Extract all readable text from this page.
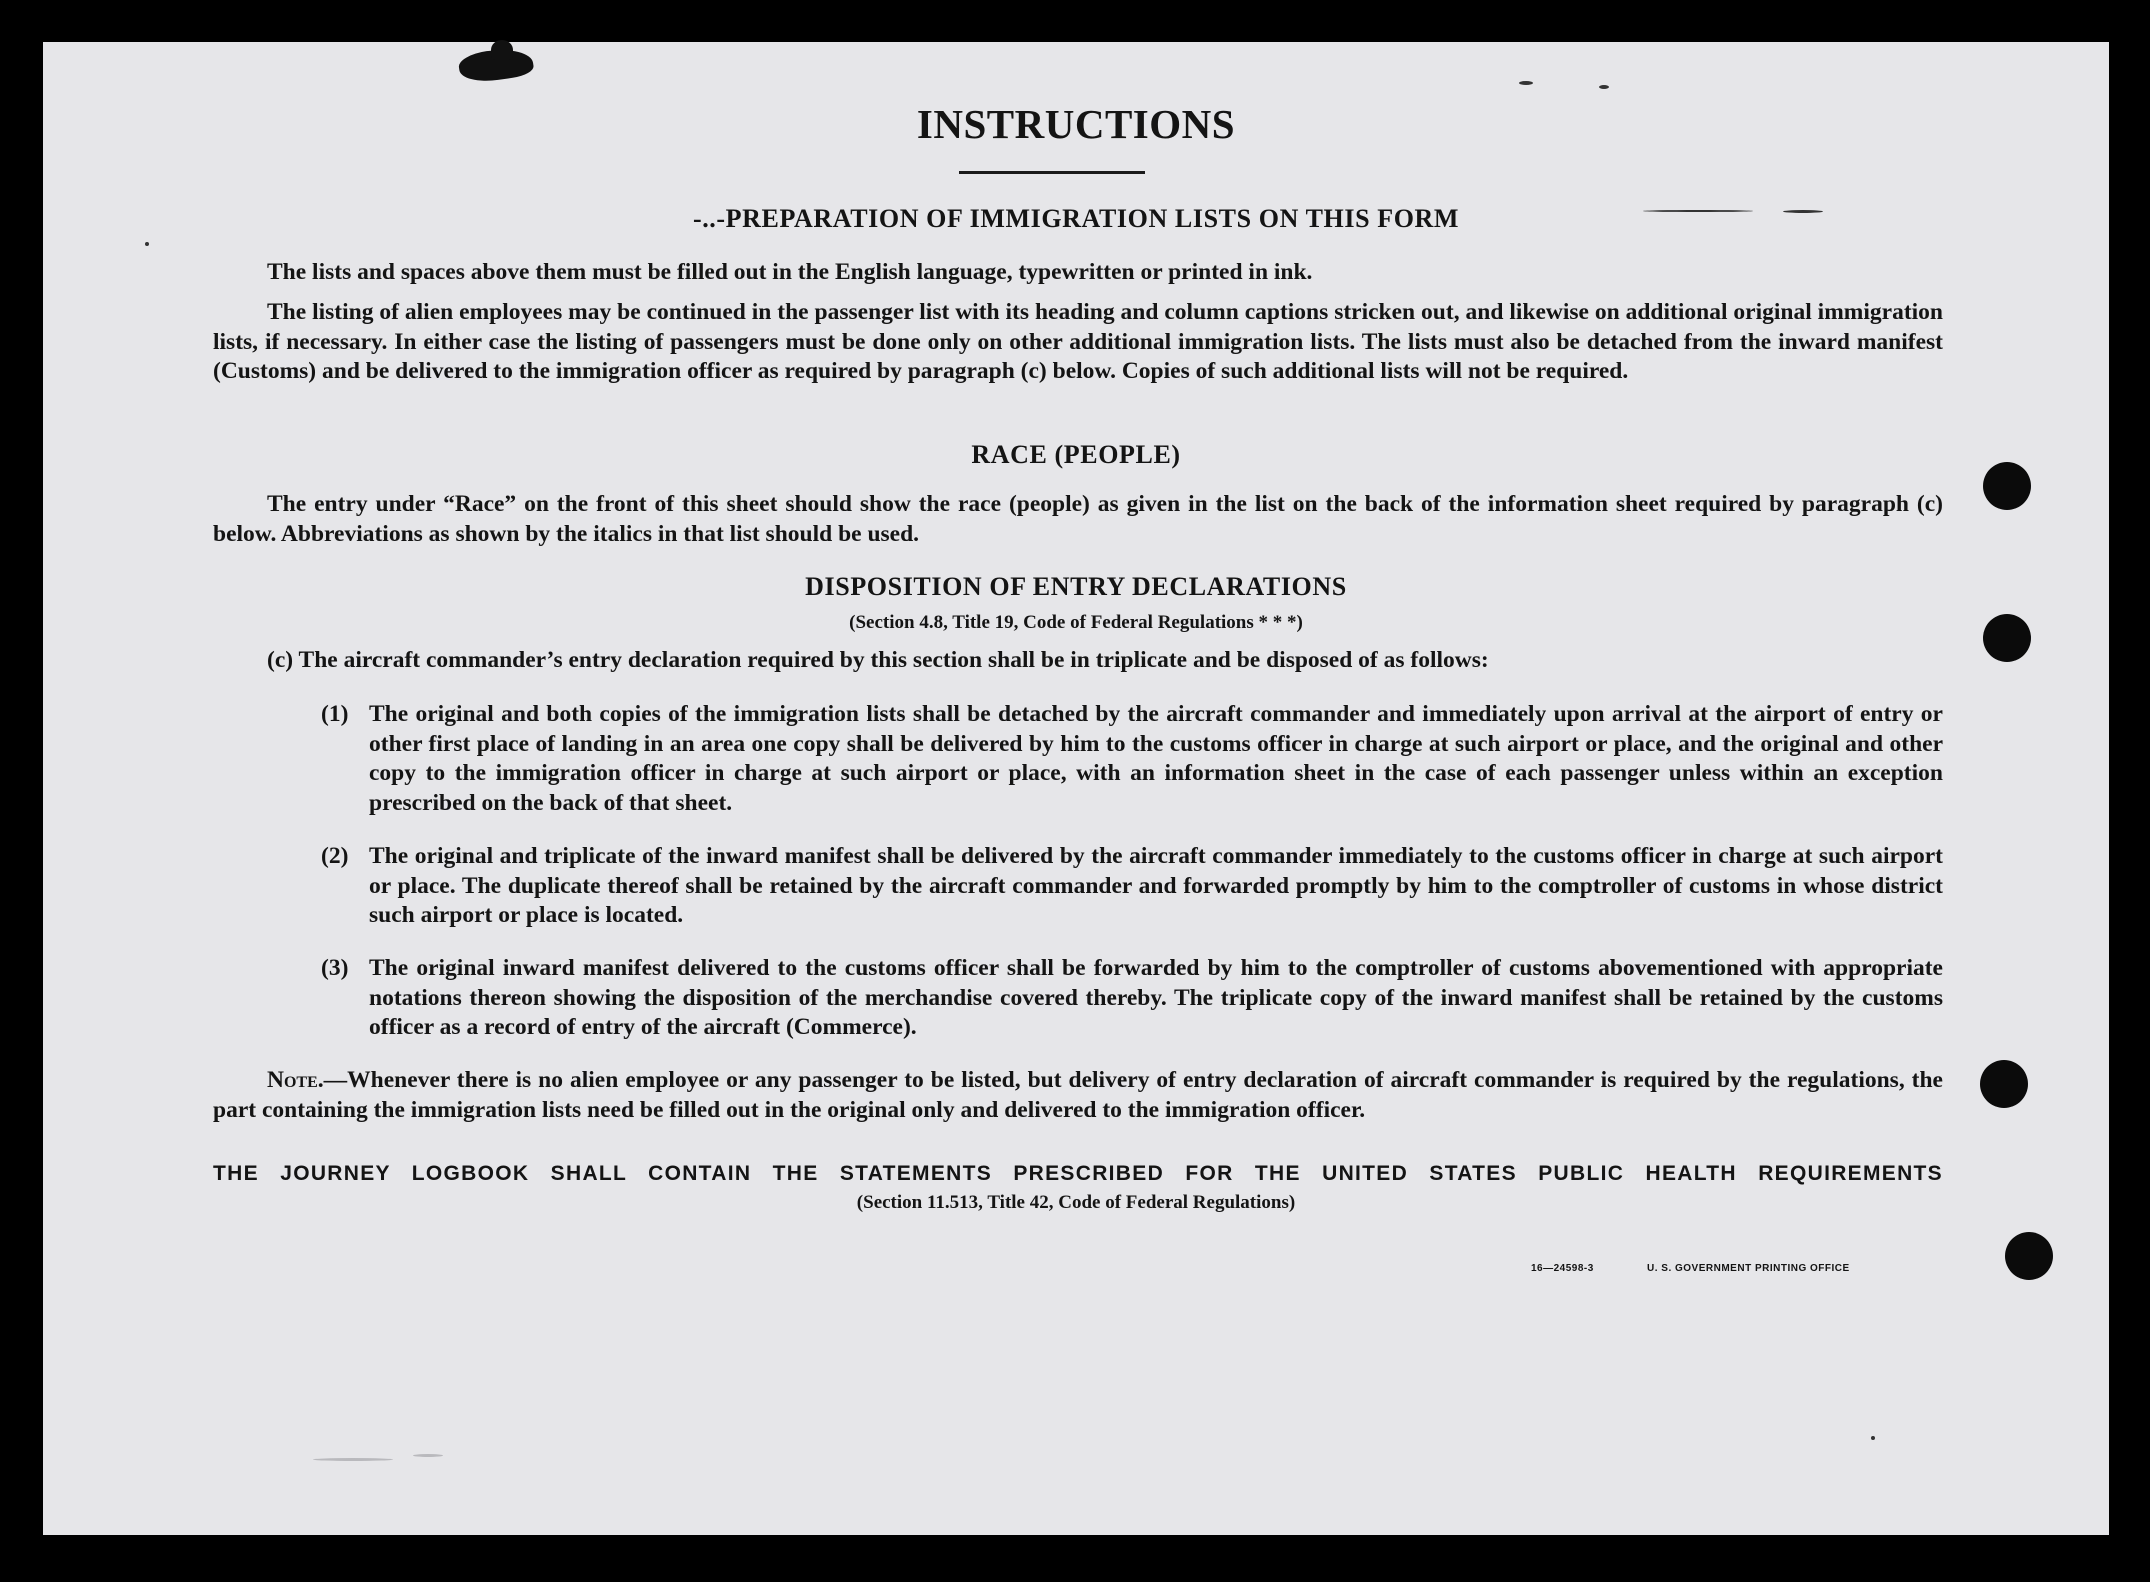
INSTRUCTIONS
-..-PREPARATION OF IMMIGRATION LISTS ON THIS FORM
The lists and spaces above them must be filled out in the English language, typewritten or printed in ink.
The listing of alien employees may be continued in the passenger list with its heading and column captions stricken out, and likewise on additional original immigration lists, if necessary. In either case the listing of passengers must be done only on other additional immigration lists. The lists must also be detached from the inward manifest (Customs) and be delivered to the immigration officer as required by paragraph (c) below. Copies of such additional lists will not be required.
RACE (PEOPLE)
The entry under “Race” on the front of this sheet should show the race (people) as given in the list on the back of the information sheet required by paragraph (c) below. Abbreviations as shown by the italics in that list should be used.
DISPOSITION OF ENTRY DECLARATIONS
(Section 4.8, Title 19, Code of Federal Regulations * * *)
(c) The aircraft commander’s entry declaration required by this section shall be in triplicate and be disposed of as follows:
(1) The original and both copies of the immigration lists shall be detached by the aircraft commander and immediately upon arrival at the airport of entry or other first place of landing in an area one copy shall be delivered by him to the customs officer in charge at such airport or place, and the original and other copy to the immigration officer in charge at such airport or place, with an information sheet in the case of each passenger unless within an exception prescribed on the back of that sheet.
(2) The original and triplicate of the inward manifest shall be delivered by the aircraft commander immediately to the customs officer in charge at such airport or place. The duplicate thereof shall be retained by the aircraft commander and forwarded promptly by him to the comptroller of customs in whose district such airport or place is located.
(3) The original inward manifest delivered to the customs officer shall be forwarded by him to the comptroller of customs abovementioned with appropriate notations thereon showing the disposition of the merchandise covered thereby. The triplicate copy of the inward manifest shall be retained by the customs officer as a record of entry of the aircraft (Commerce).
Note.—Whenever there is no alien employee or any passenger to be listed, but delivery of entry declaration of aircraft commander is required by the regulations, the part containing the immigration lists need be filled out in the original only and delivered to the immigration officer.
THE JOURNEY LOGBOOK SHALL CONTAIN THE STATEMENTS PRESCRIBED FOR THE UNITED STATES PUBLIC HEALTH REQUIREMENTS
(Section 11.513, Title 42, Code of Federal Regulations)
16—24598-3	U. S. GOVERNMENT PRINTING OFFICE
